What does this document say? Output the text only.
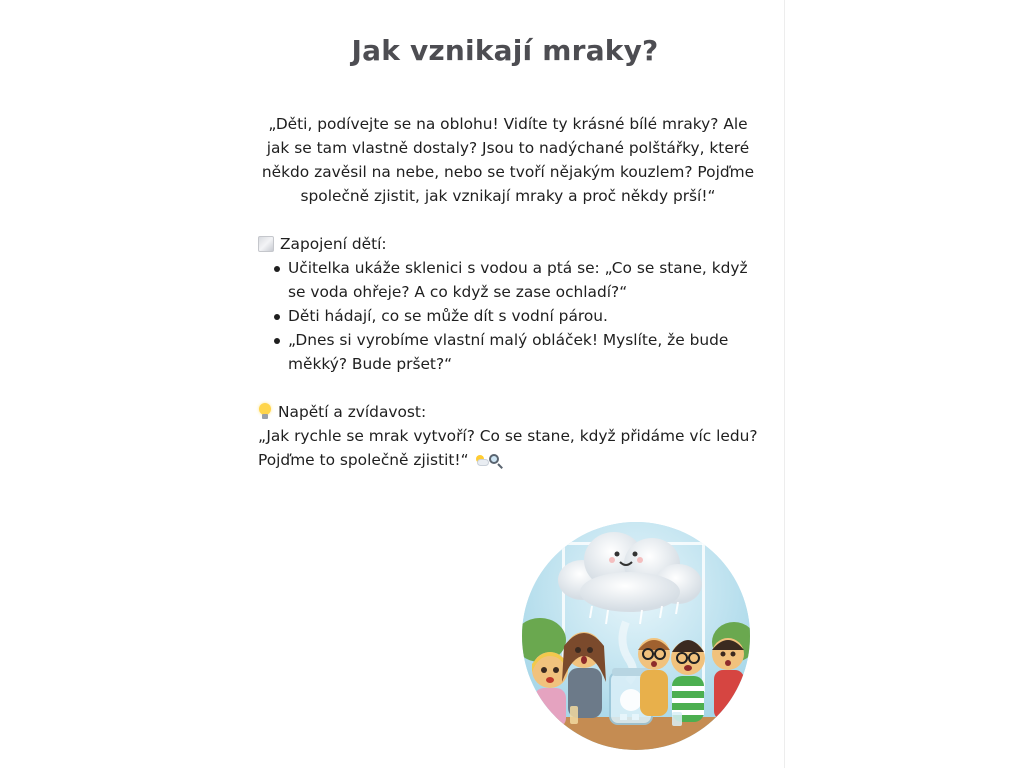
Jak vznikají mraky?

„Děti, podívejte se na oblohu! Vidíte ty krásné bílé mraky? Ale jak se tam vlastně dostaly? Jsou to nadýchané polštářky, které někdo zavěsil na nebe, nebo se tvoří nějakým kouzlem? Pojďme společně zjistit, jak vznikají mraky a proč někdy prší!“

Zapojení dětí:
Učitelka ukáže sklenici s vodou a ptá se: „Co se stane, když se voda ohřeje? A co když se zase ochladí?“
Děti hádají, co se může dít s vodní párou.
„Dnes si vyrobíme vlastní malý obláček! Myslíte, že bude měkký? Bude pršet?“
Napětí a zvídavost:

„Jak rychle se mrak vytvoří? Co se stane, když přidáme víc ledu? Pojďme to společně zjistit!“
